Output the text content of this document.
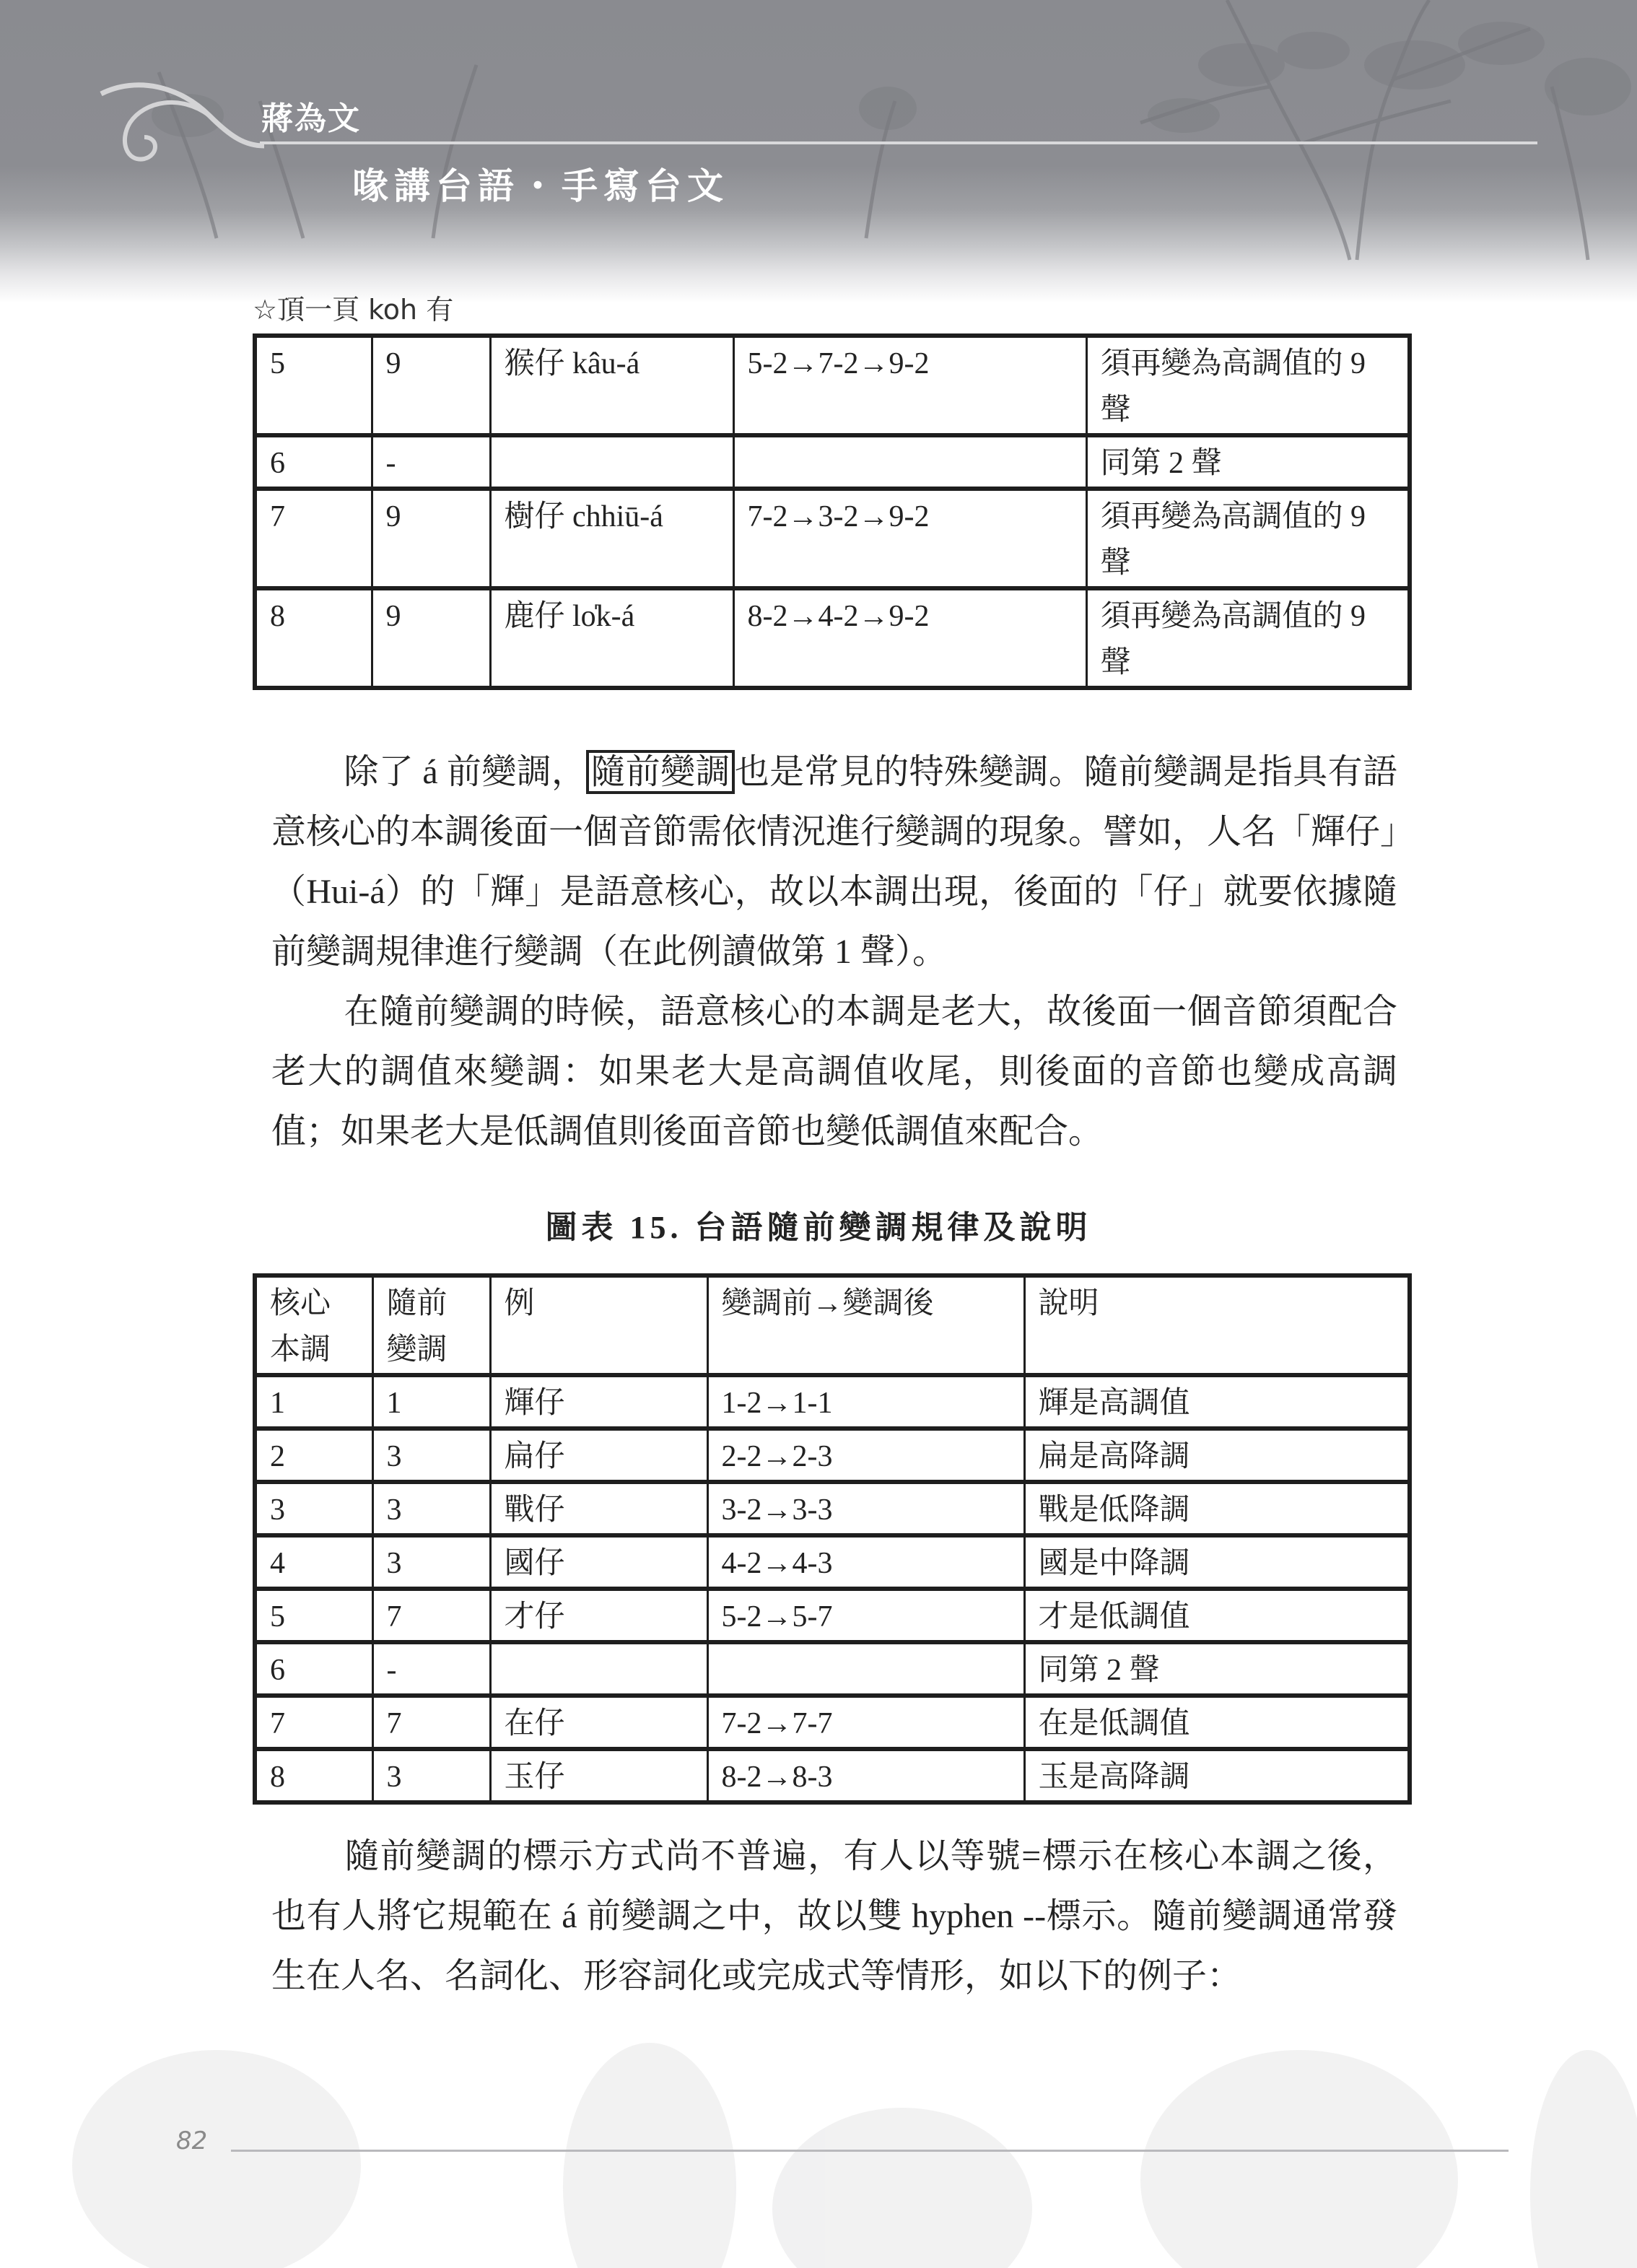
蔣為文
喙講台語・手寫台文
☆頂一頁 koh 有
5	9	猴仔 kâu-á	5-2→7-2→9-2	須再變為高調值的 9 聲
6	-			同第 2 聲
7	9	樹仔 chhiū-á	7-2→3-2→9-2	須再變為高調值的 9 聲
8	9	鹿仔 lo̍k-á	8-2→4-2→9-2	須再變為高調值的 9 聲
除了 á 前變調， 隨前變調 也是常見的特殊變調。隨前變調是指具有語意核心的本調後面一個音節需依情況進行變調的現象。譬如，人名「輝仔」（Hui-á）的「輝」是語意核心，故以本調出現，後面的「仔」就要依據隨前變調規律進行變調（在此例讀做第 1 聲）。
在隨前變調的時候，語意核心的本調是老大，故後面一個音節須配合老大的調值來變調：如果老大是高調值收尾，則後面的音節也變成高調值；如果老大是低調值則後面音節也變低調值來配合。
圖表 15. 台語隨前變調規律及說明
核心本調	隨前變調	例	變調前→變調後	說明
1	1	輝仔	1-2→1-1	輝是高調值
2	3	扁仔	2-2→2-3	扁是高降調
3	3	戰仔	3-2→3-3	戰是低降調
4	3	國仔	4-2→4-3	國是中降調
5	7	才仔	5-2→5-7	才是低調值
6	-			同第 2 聲
7	7	在仔	7-2→7-7	在是低調值
8	3	玉仔	8-2→8-3	玉是高降調
隨前變調的標示方式尚不普遍，有人以等號=標示在核心本調之後，也有人將它規範在 á 前變調之中，故以雙 hyphen --標示。隨前變調通常發生在人名、名詞化、形容詞化或完成式等情形，如以下的例子：
82
